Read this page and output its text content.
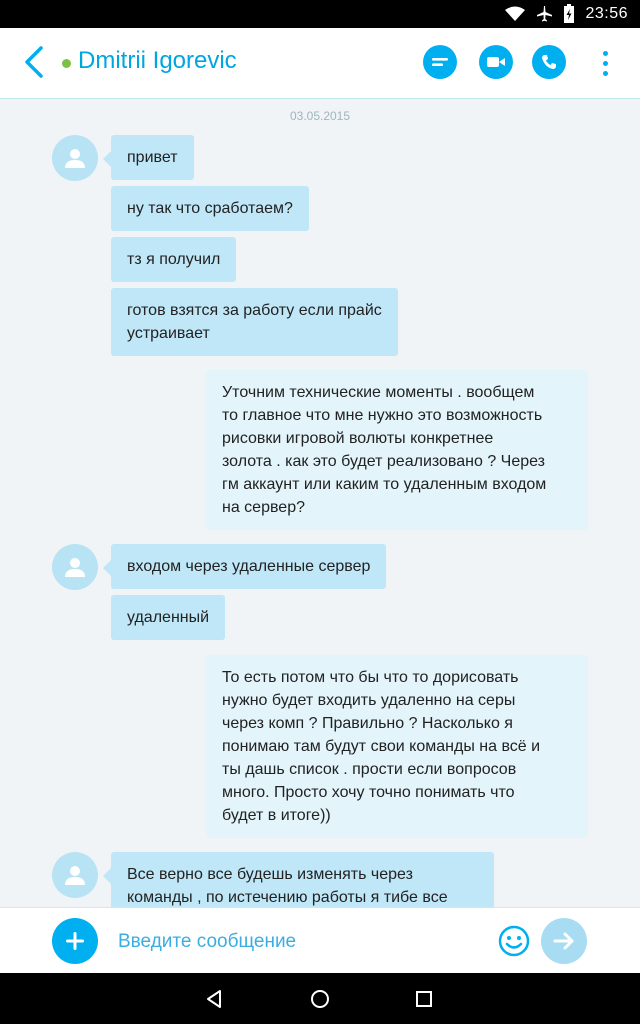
23:56
Dmitrii Igorevic
03.05.2015
привет
ну так что сработаем?
тз я получил
готов взятся за работу если прайс
устраивает
Уточним технические моменты . вообщем
то главное что мне нужно это возможность
рисовки игровой волюты конкретнее
золота . как это будет реализовано ? Через
гм аккаунт или каким то удаленным входом
на сервер?
входом через удаленные сервер
удаленный
То есть потом что бы что то дорисовать
нужно будет входить удаленно на серы
через комп ? Правильно ? Насколько я
понимаю там будут свои команды на всё и
ты дашь список . прости если вопросов
много. Просто хочу точно понимать что
будет в итоге))
Все верно все будешь изменять через
команды , по истечению работы я тибе все
Введите сообщение
